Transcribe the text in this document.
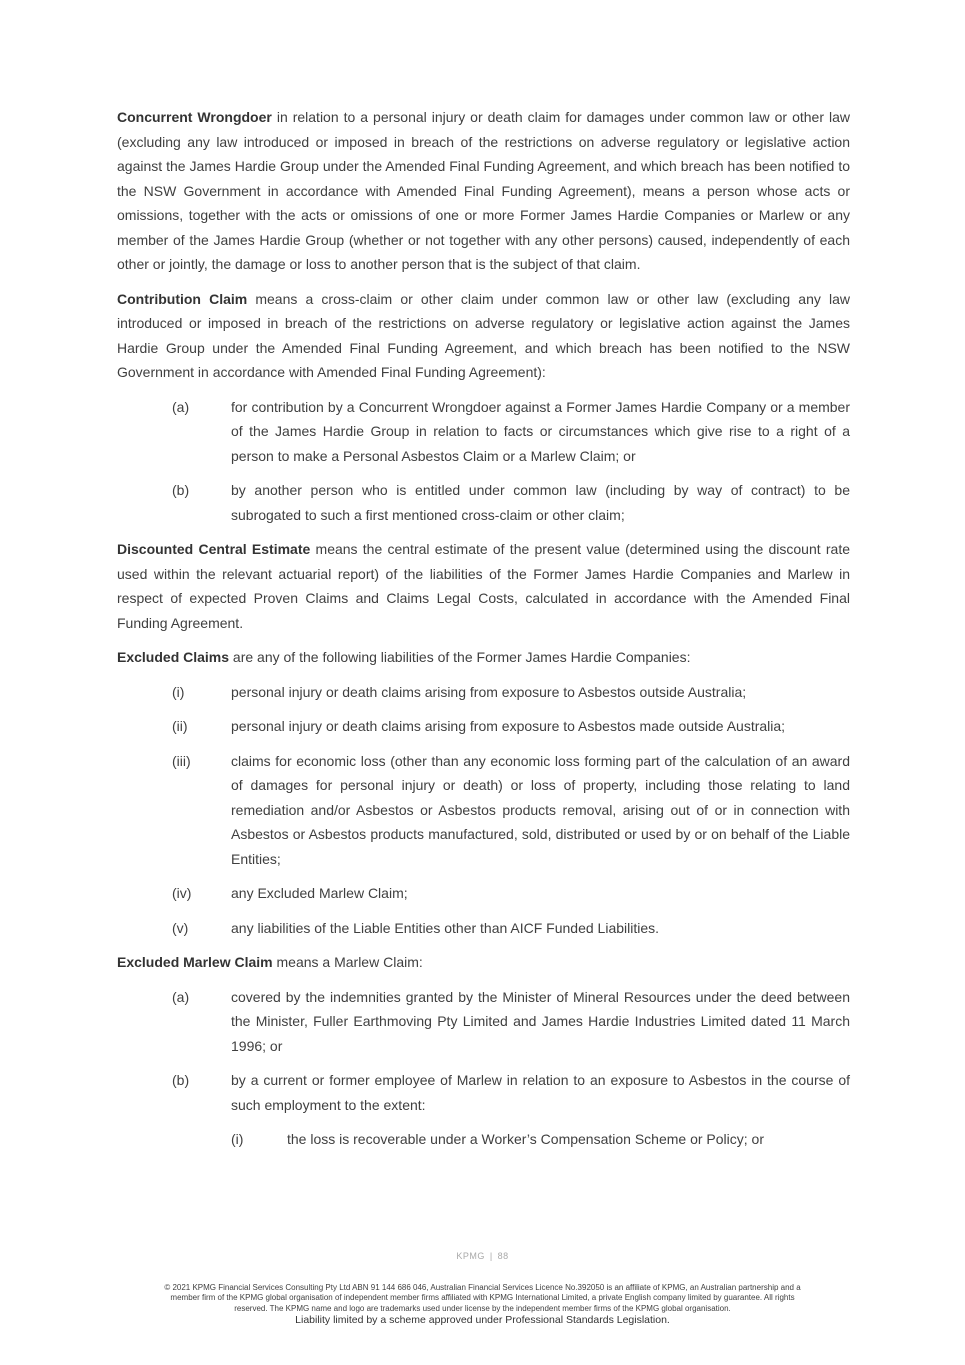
Concurrent Wrongdoer in relation to a personal injury or death claim for damages under common law or other law (excluding any law introduced or imposed in breach of the restrictions on adverse regulatory or legislative action against the James Hardie Group under the Amended Final Funding Agreement, and which breach has been notified to the NSW Government in accordance with Amended Final Funding Agreement), means a person whose acts or omissions, together with the acts or omissions of one or more Former James Hardie Companies or Marlew or any member of the James Hardie Group (whether or not together with any other persons) caused, independently of each other or jointly, the damage or loss to another person that is the subject of that claim.

Contribution Claim means a cross-claim or other claim under common law or other law (excluding any law introduced or imposed in breach of the restrictions on adverse regulatory or legislative action against the James Hardie Group under the Amended Final Funding Agreement, and which breach has been notified to the NSW Government in accordance with Amended Final Funding Agreement):

(a)	for contribution by a Concurrent Wrongdoer against a Former James Hardie Company or a member of the James Hardie Group in relation to facts or circumstances which give rise to a right of a person to make a Personal Asbestos Claim or a Marlew Claim; or
(b)	by another person who is entitled under common law (including by way of contract) to be subrogated to such a first mentioned cross-claim or other claim;

Discounted Central Estimate means the central estimate of the present value (determined using the discount rate used within the relevant actuarial report) of the liabilities of the Former James Hardie Companies and Marlew in respect of expected Proven Claims and Claims Legal Costs, calculated in accordance with the Amended Final Funding Agreement.

Excluded Claims are any of the following liabilities of the Former James Hardie Companies:

(i)	personal injury or death claims arising from exposure to Asbestos outside Australia;
(ii)	personal injury or death claims arising from exposure to Asbestos made outside Australia;
(iii)	claims for economic loss (other than any economic loss forming part of the calculation of an award of damages for personal injury or death) or loss of property, including those relating to land remediation and/or Asbestos or Asbestos products removal, arising out of or in connection with Asbestos or Asbestos products manufactured, sold, distributed or used by or on behalf of the Liable Entities;
(iv)	any Excluded Marlew Claim;
(v)	any liabilities of the Liable Entities other than AICF Funded Liabilities.

Excluded Marlew Claim means a Marlew Claim:

(a)	covered by the indemnities granted by the Minister of Mineral Resources under the deed between the Minister, Fuller Earthmoving Pty Limited and James Hardie Industries Limited dated 11 March 1996; or
(b)	by a current or former employee of Marlew in relation to an exposure to Asbestos in the course of such employment to the extent:
(i)	the loss is recoverable under a Worker’s Compensation Scheme or Policy; or
KPMG | 88
© 2021 KPMG Financial Services Consulting Pty Ltd ABN 91 144 686 046, Australian Financial Services Licence No.392050 is an affiliate of KPMG, an Australian partnership and a
member firm of the KPMG global organisation of independent member firms affiliated with KPMG International Limited, a private English company limited by guarantee. All rights
reserved. The KPMG name and logo are trademarks used under license by the independent member firms of the KPMG global organisation.
Liability limited by a scheme approved under Professional Standards Legislation.
